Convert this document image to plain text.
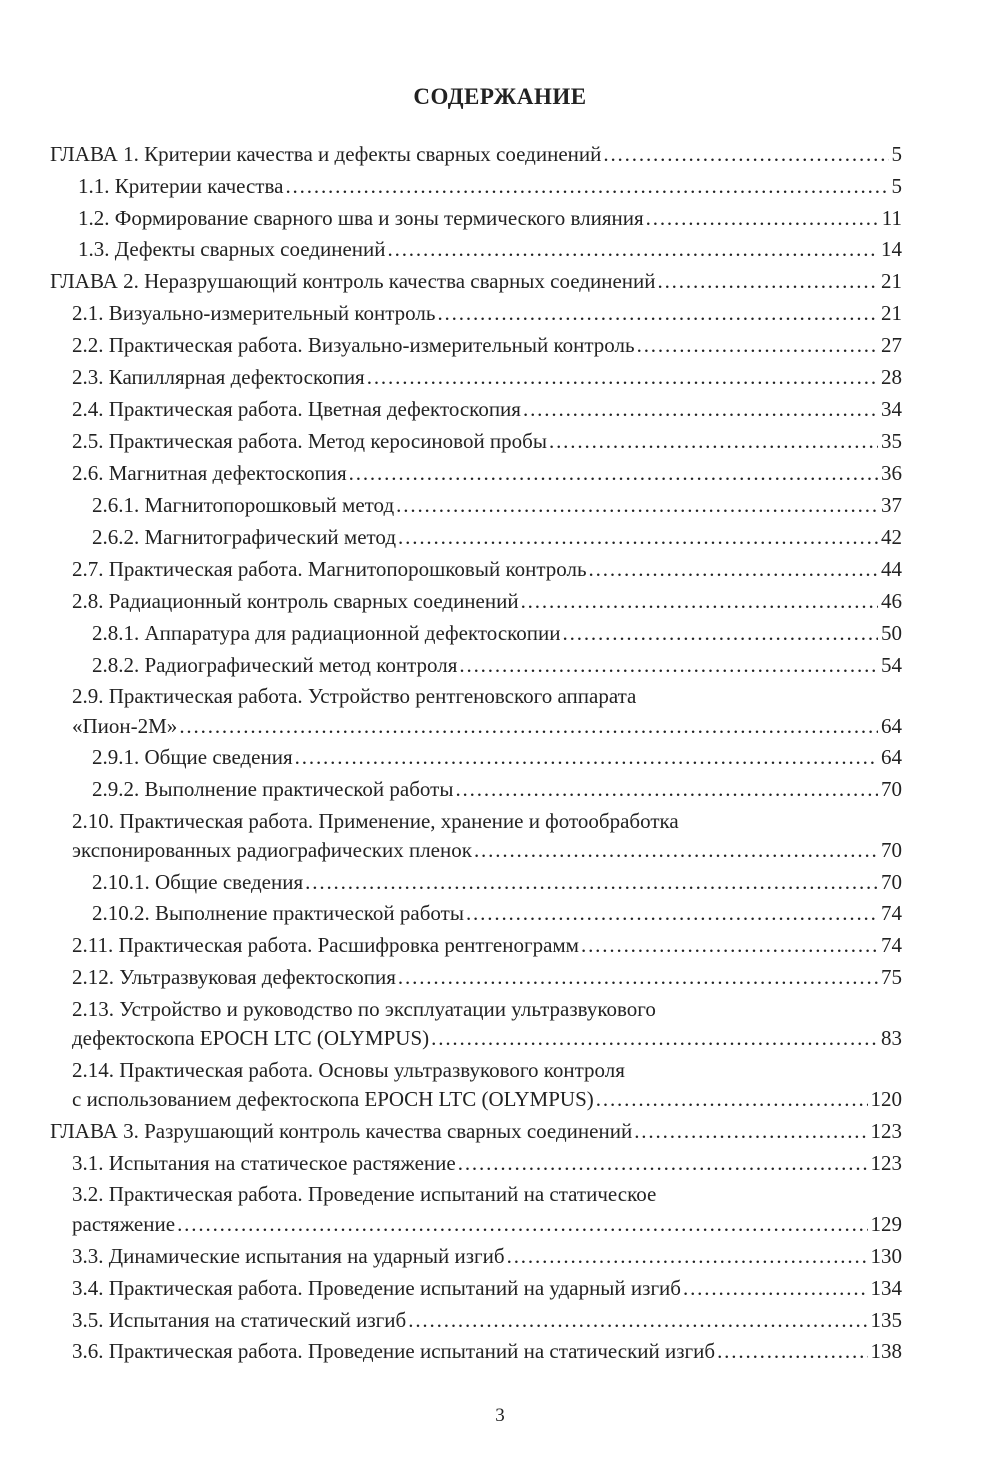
СОДЕРЖАНИЕ
ГЛАВА 1. Критерии качества и дефекты сварных соединений . . .	5
1.1. Критерии качества . . .	5
1.2. Формирование сварного шва и зоны термического влияния . . .	11
1.3. Дефекты сварных соединений . . .	14
ГЛАВА 2. Неразрушающий контроль качества сварных соединений . . .	21
2.1. Визуально-измерительный контроль . . .	21
2.2. Практическая работа. Визуально-измерительный контроль . . .	27
2.3. Капиллярная дефектоскопия . . .	28
2.4. Практическая работа. Цветная дефектоскопия . . .	34
2.5. Практическая работа. Метод керосиновой пробы . . .	35
2.6. Магнитная дефектоскопия . . .	36
2.6.1. Магнитопорошковый метод . . .	37
2.6.2. Магнитографический метод . . .	42
2.7. Практическая работа. Магнитопорошковый контроль . . .	44
2.8. Радиационный контроль сварных соединений . . .	46
2.8.1. Аппаратура для радиационной дефектоскопии . . .	50
2.8.2. Радиографический метод контроля . . .	54
2.9. Практическая работа. Устройство рентгеновского аппарата
«Пион-2М» . . .	64
2.9.1. Общие сведения . . .	64
2.9.2. Выполнение практической работы . . .	70
2.10. Практическая работа. Применение, хранение и фотообработка
экспонированных радиографических пленок . . .	70
2.10.1. Общие сведения . . .	70
2.10.2. Выполнение практической работы . . .	74
2.11. Практическая работа. Расшифровка рентгенограмм . . .	74
2.12. Ультразвуковая дефектоскопия . . .	75
2.13. Устройство и руководство по эксплуатации ультразвукового
дефектоскопа EPOCH LTC (OLYMPUS) . . .	83
2.14. Практическая работа. Основы ультразвукового контроля
с использованием дефектоскопа EPOCH LTC (OLYMPUS) . . .	120
ГЛАВА 3. Разрушающий контроль качества сварных соединений . . .	123
3.1. Испытания на статическое растяжение . . .	123
3.2. Практическая работа. Проведение испытаний на статическое
растяжение . . .	129
3.3. Динамические испытания на ударный изгиб . . .	130
3.4. Практическая работа. Проведение испытаний на ударный изгиб . . .	134
3.5. Испытания на статический изгиб . . .	135
3.6. Практическая работа. Проведение испытаний на статический изгиб . . .	138
3
